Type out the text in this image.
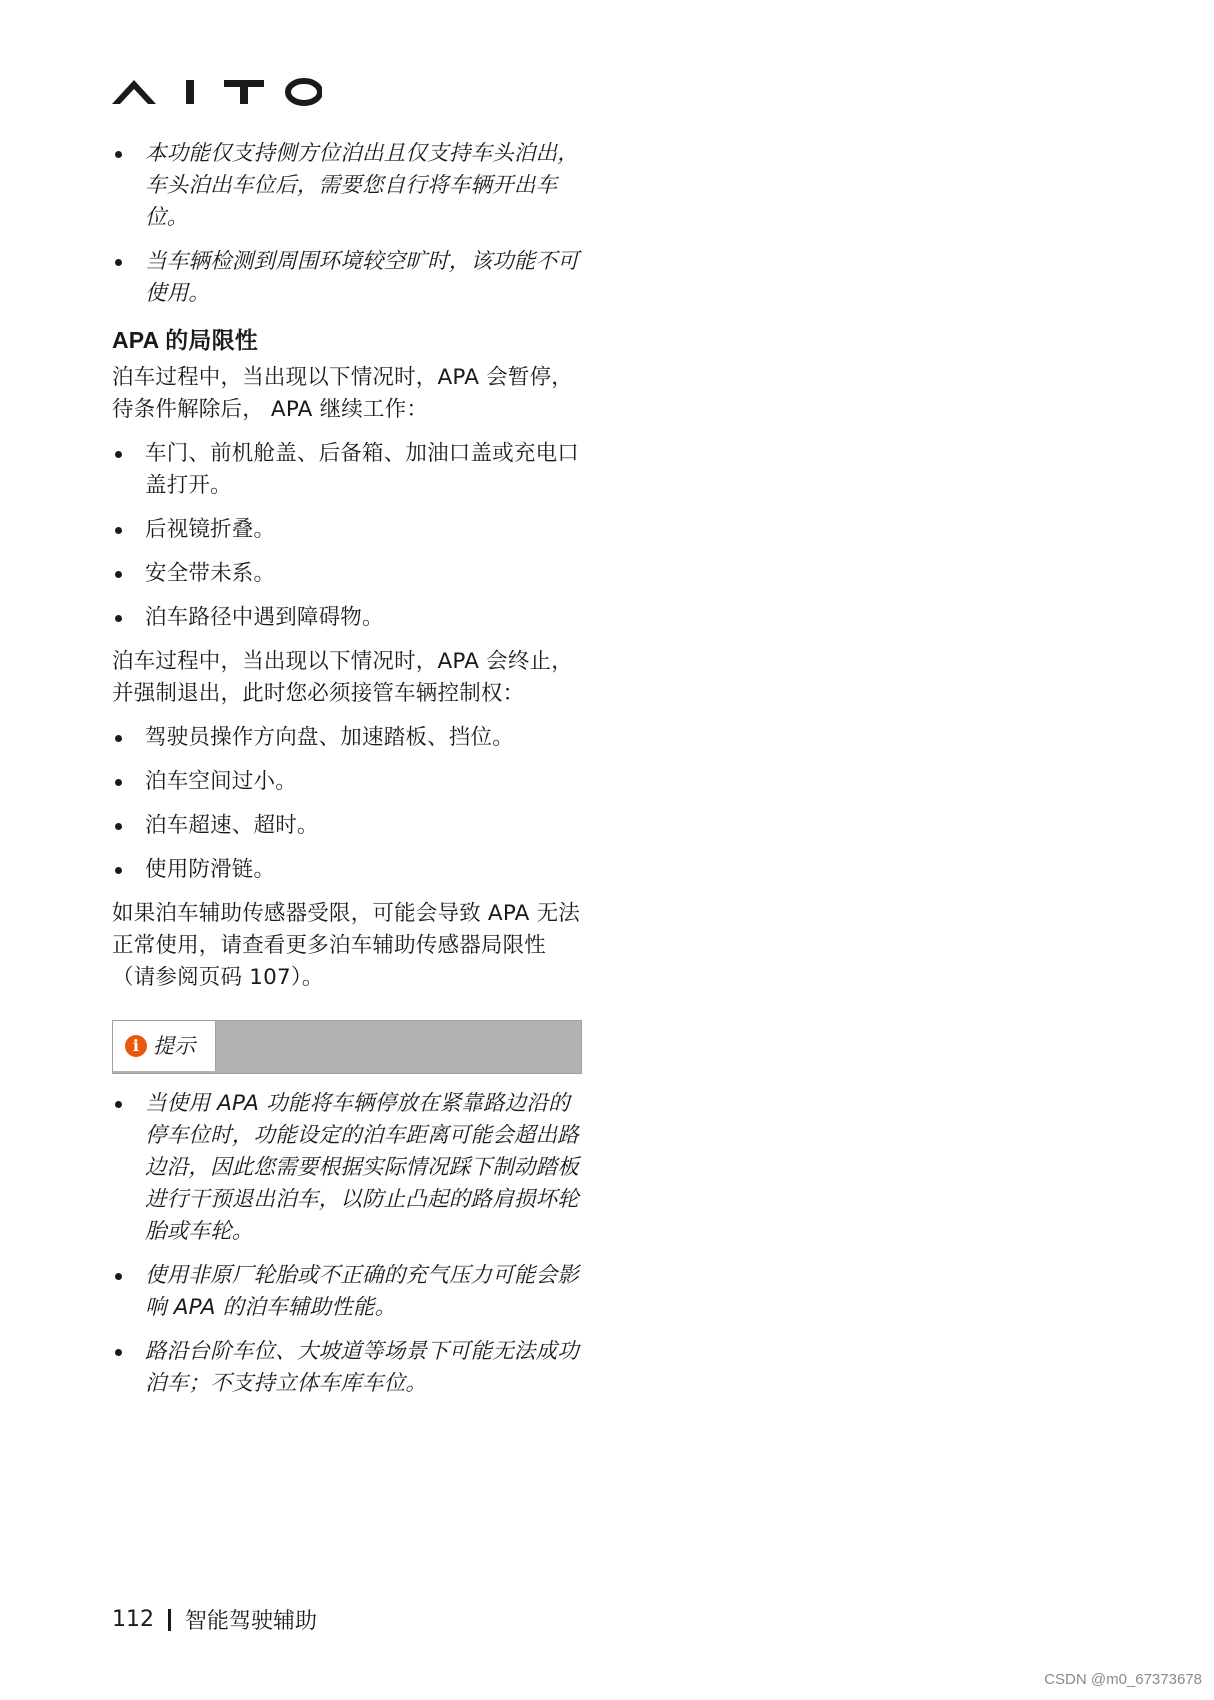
本功能仅支持侧方位泊出且仅支持车头泊出，车头泊出车位后，需要您自行将车辆开出车位。
当车辆检测到周围环境较空旷时，该功能不可使用。
APA 的局限性

泊车过程中，当出现以下情况时，APA 会暂停，待条件解除后， APA 继续工作：

车门、前机舱盖、后备箱、加油口盖或充电口盖打开。
后视镜折叠。
安全带未系。
泊车路径中遇到障碍物。

泊车过程中，当出现以下情况时，APA 会终止，并强制退出，此时您必须接管车辆控制权：

驾驶员操作方向盘、加速踏板、挡位。
泊车空间过小。
泊车超速、超时。
使用防滑链。

如果泊车辅助传感器受限，可能会导致 APA 无法正常使用，请查看更多泊车辅助传感器局限性（请参阅页码 107）。

i 提示
当使用 APA 功能将车辆停放在紧靠路边沿的停车位时，功能设定的泊车距离可能会超出路边沿，因此您需要根据实际情况踩下制动踏板进行干预退出泊车，以防止凸起的路肩损坏轮胎或车轮。
使用非原厂轮胎或不正确的充气压力可能会影响 APA 的泊车辅助性能。
路沿台阶车位、大坡道等场景下可能无法成功泊车；不支持立体车库车位。
112 智能驾驶辅助
CSDN @m0_67373678
